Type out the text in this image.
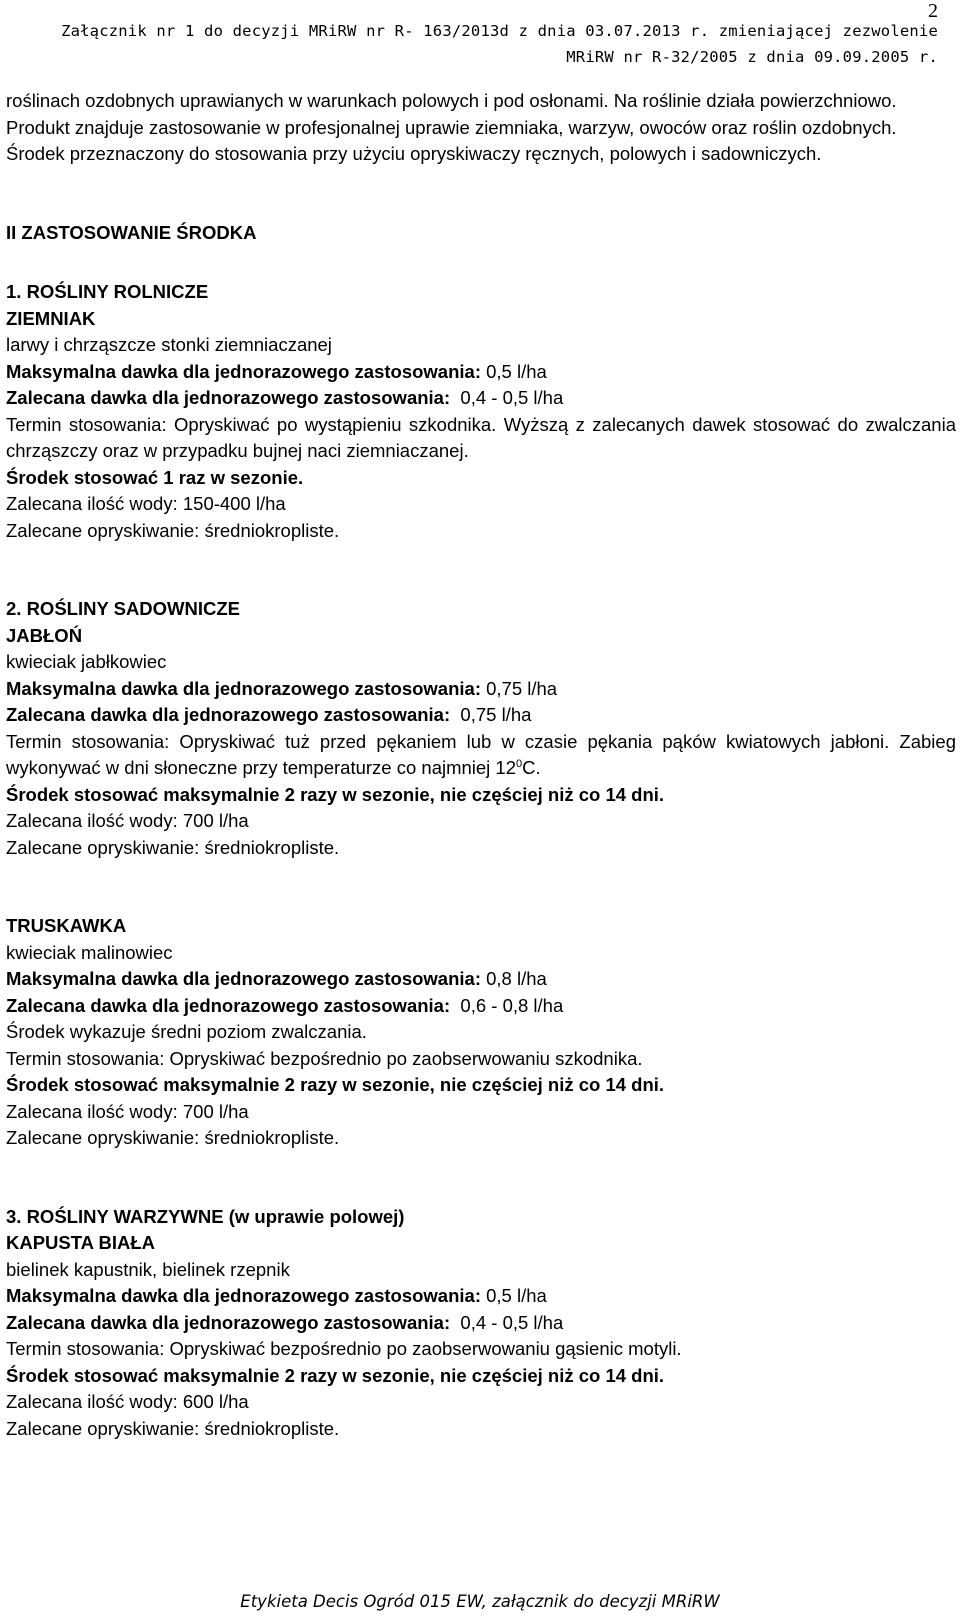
2
Załącznik nr 1 do decyzji MRiRW nr R- 163/2013d z dnia 03.07.2013 r. zmieniającej zezwolenie
MRiRW nr R-32/2005 z dnia 09.09.2005 r.

roślinach ozdobnych uprawianych w warunkach polowych i pod osłonami. Na roślinie działa powierzchniowo.

Produkt znajduje zastosowanie w profesjonalnej uprawie ziemniaka, warzyw, owoców oraz roślin ozdobnych.

Środek przeznaczony do stosowania przy użyciu opryskiwaczy ręcznych, polowych i sadowniczych.

II ZASTOSOWANIE ŚRODKA

1. ROŚLINY ROLNICZE

ZIEMNIAK

larwy i chrząszcze stonki ziemniaczanej

Maksymalna dawka dla jednorazowego zastosowania: 0,5 l/ha

Zalecana dawka dla jednorazowego zastosowania:  0,4 - 0,5 l/ha

Termin stosowania: Opryskiwać po wystąpieniu szkodnika. Wyższą z zalecanych dawek stosować do zwalczania chrząszczy oraz w przypadku bujnej naci ziemniaczanej.

Środek stosować 1 raz w sezonie.

Zalecana ilość wody: 150-400 l/ha

Zalecane opryskiwanie: średniokropliste.

2. ROŚLINY SADOWNICZE

JABŁOŃ

kwieciak jabłkowiec

Maksymalna dawka dla jednorazowego zastosowania: 0,75 l/ha

Zalecana dawka dla jednorazowego zastosowania:  0,75 l/ha

Termin stosowania: Opryskiwać tuż przed pękaniem lub w czasie pękania pąków kwiatowych jabłoni. Zabieg wykonywać w dni słoneczne przy temperaturze co najmniej $12^0C$.

Środek stosować maksymalnie 2 razy w sezonie, nie częściej niż co 14 dni.

Zalecana ilość wody: 700 l/ha

Zalecane opryskiwanie: średniokropliste.

TRUSKAWKA

kwieciak malinowiec

Maksymalna dawka dla jednorazowego zastosowania: 0,8 l/ha

Zalecana dawka dla jednorazowego zastosowania:  0,6 - 0,8 l/ha

Środek wykazuje średni poziom zwalczania.

Termin stosowania: Opryskiwać bezpośrednio po zaobserwowaniu szkodnika.

Środek stosować maksymalnie 2 razy w sezonie, nie częściej niż co 14 dni.

Zalecana ilość wody: 700 l/ha

Zalecane opryskiwanie: średniokropliste.

3. ROŚLINY WARZYWNE (w uprawie polowej)

KAPUSTA BIAŁA

bielinek kapustnik, bielinek rzepnik

Maksymalna dawka dla jednorazowego zastosowania: 0,5 l/ha

Zalecana dawka dla jednorazowego zastosowania:  0,4 - 0,5 l/ha

Termin stosowania: Opryskiwać bezpośrednio po zaobserwowaniu gąsienic motyli.

Środek stosować maksymalnie 2 razy w sezonie, nie częściej niż co 14 dni.

Zalecana ilość wody: 600 l/ha

Zalecane opryskiwanie: średniokropliste.

Etykieta Decis Ogród 015 EW, załącznik do decyzji MRiRW
